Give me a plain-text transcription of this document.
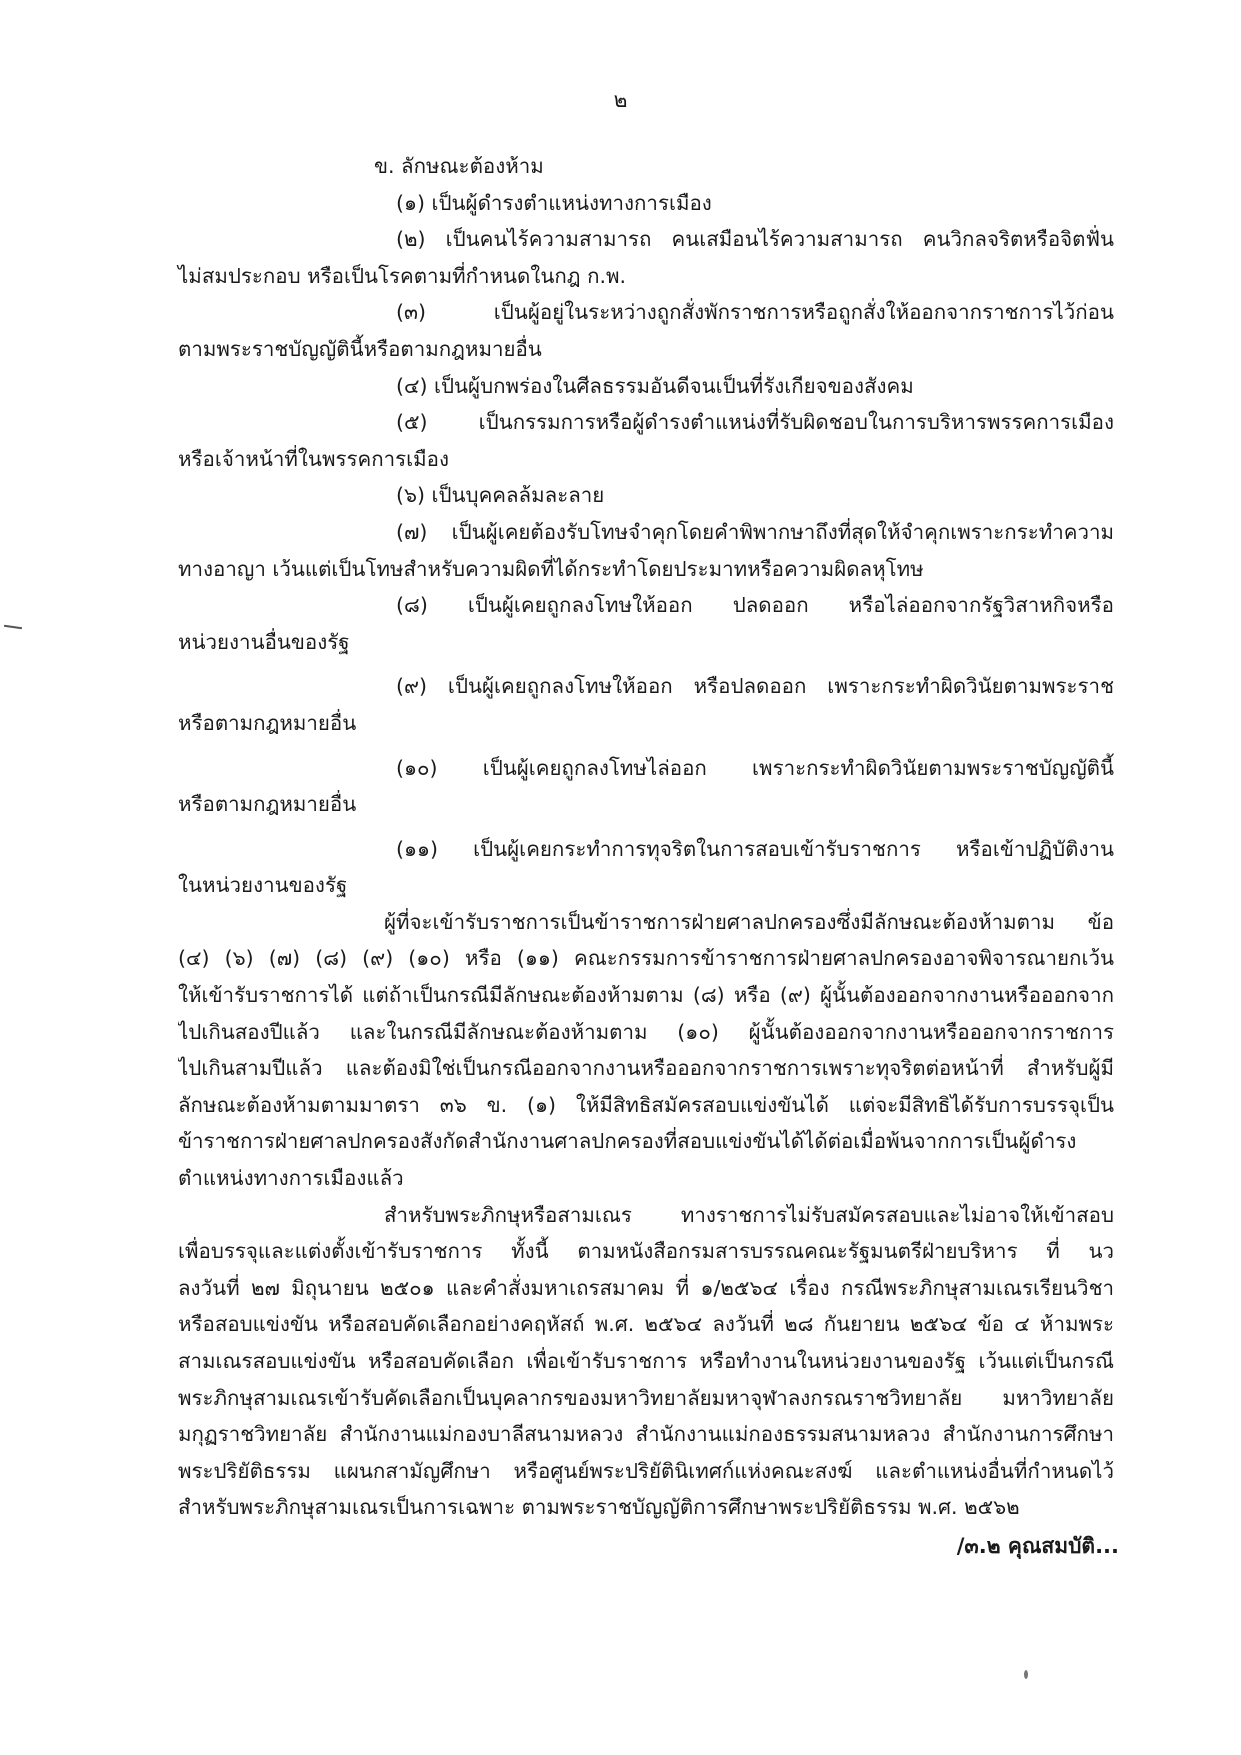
๒
ข. ลักษณะต้องห้าม
(๑) เป็นผู้ดำรงตำแหน่งทางการเมือง
(๒) เป็นคนไร้ความสามารถ คนเสมือนไร้ความสามารถ คนวิกลจริตหรือจิตฟั่น
ไม่สมประกอบ หรือเป็นโรคตามที่กำหนดในกฎ ก.พ.
(๓) เป็นผู้อยู่ในระหว่างถูกสั่งพักราชการหรือถูกสั่งให้ออกจากราชการไว้ก่อน
ตามพระราชบัญญัตินี้หรือตามกฎหมายอื่น
(๔) เป็นผู้บกพร่องในศีลธรรมอันดีจนเป็นที่รังเกียจของสังคม
(๕) เป็นกรรมการหรือผู้ดำรงตำแหน่งที่รับผิดชอบในการบริหารพรรคการเมือง
หรือเจ้าหน้าที่ในพรรคการเมือง
(๖) เป็นบุคคลล้มละลาย
(๗) เป็นผู้เคยต้องรับโทษจำคุกโดยคำพิพากษาถึงที่สุดให้จำคุกเพราะกระทำความ
ทางอาญา เว้นแต่เป็นโทษสำหรับความผิดที่ได้กระทำโดยประมาทหรือความผิดลหุโทษ
(๘) เป็นผู้เคยถูกลงโทษให้ออก ปลดออก หรือไล่ออกจากรัฐวิสาหกิจหรือ
หน่วยงานอื่นของรัฐ
(๙) เป็นผู้เคยถูกลงโทษให้ออก หรือปลดออก เพราะกระทำผิดวินัยตามพระราช
หรือตามกฎหมายอื่น
(๑๐) เป็นผู้เคยถูกลงโทษไล่ออก เพราะกระทำผิดวินัยตามพระราชบัญญัตินี้
หรือตามกฎหมายอื่น
(๑๑) เป็นผู้เคยกระทำการทุจริตในการสอบเข้ารับราชการ หรือเข้าปฏิบัติงาน
ในหน่วยงานของรัฐ
ผู้ที่จะเข้ารับราชการเป็นข้าราชการฝ่ายศาลปกครองซึ่งมีลักษณะต้องห้ามตาม ข้อ
(๔) (๖) (๗) (๘) (๙) (๑๐) หรือ (๑๑) คณะกรรมการข้าราชการฝ่ายศาลปกครองอาจพิจารณายกเว้น
ให้เข้ารับราชการได้ แต่ถ้าเป็นกรณีมีลักษณะต้องห้ามตาม (๘) หรือ (๙) ผู้นั้นต้องออกจากงานหรือออกจาก
ไปเกินสองปีแล้ว และในกรณีมีลักษณะต้องห้ามตาม (๑๐) ผู้นั้นต้องออกจากงานหรือออกจากราชการ
ไปเกินสามปีแล้ว และต้องมิใช่เป็นกรณีออกจากงานหรือออกจากราชการเพราะทุจริตต่อหน้าที่ สำหรับผู้มี
ลักษณะต้องห้ามตามมาตรา ๓๖ ข. (๑) ให้มีสิทธิสมัครสอบแข่งขันได้ แต่จะมีสิทธิได้รับการบรรจุเป็น
ข้าราชการฝ่ายศาลปกครองสังกัดสำนักงานศาลปกครองที่สอบแข่งขันได้ได้ต่อเมื่อพ้นจากการเป็นผู้ดำรง
ตำแหน่งทางการเมืองแล้ว
สำหรับพระภิกษุหรือสามเณร ทางราชการไม่รับสมัครสอบและไม่อาจให้เข้าสอบ
เพื่อบรรจุและแต่งตั้งเข้ารับราชการ ทั้งนี้ ตามหนังสือกรมสารบรรณคณะรัฐมนตรีฝ่ายบริหาร ที่ นว
ลงวันที่ ๒๗ มิถุนายน ๒๕๐๑ และคำสั่งมหาเถรสมาคม ที่ ๑/๒๕๖๔ เรื่อง กรณีพระภิกษุสามเณรเรียนวิชา
หรือสอบแข่งขัน หรือสอบคัดเลือกอย่างคฤหัสถ์ พ.ศ. ๒๕๖๔ ลงวันที่ ๒๘ กันยายน ๒๕๖๔ ข้อ ๔ ห้ามพระ
สามเณรสอบแข่งขัน หรือสอบคัดเลือก เพื่อเข้ารับราชการ หรือทำงานในหน่วยงานของรัฐ เว้นแต่เป็นกรณี
พระภิกษุสามเณรเข้ารับคัดเลือกเป็นบุคลากรของมหาวิทยาลัยมหาจุฬาลงกรณราชวิทยาลัย มหาวิทยาลัย
มกุฏราชวิทยาลัย สำนักงานแม่กองบาลีสนามหลวง สำนักงานแม่กองธรรมสนามหลวง สำนักงานการศึกษา
พระปริยัติธรรม แผนกสามัญศึกษา หรือศูนย์พระปริยัตินิเทศก์แห่งคณะสงฆ์ และตำแหน่งอื่นที่กำหนดไว้
สำหรับพระภิกษุสามเณรเป็นการเฉพาะ ตามพระราชบัญญัติการศึกษาพระปริยัติธรรม พ.ศ. ๒๕๖๒
/๓.๒ คุณสมบัติ...
